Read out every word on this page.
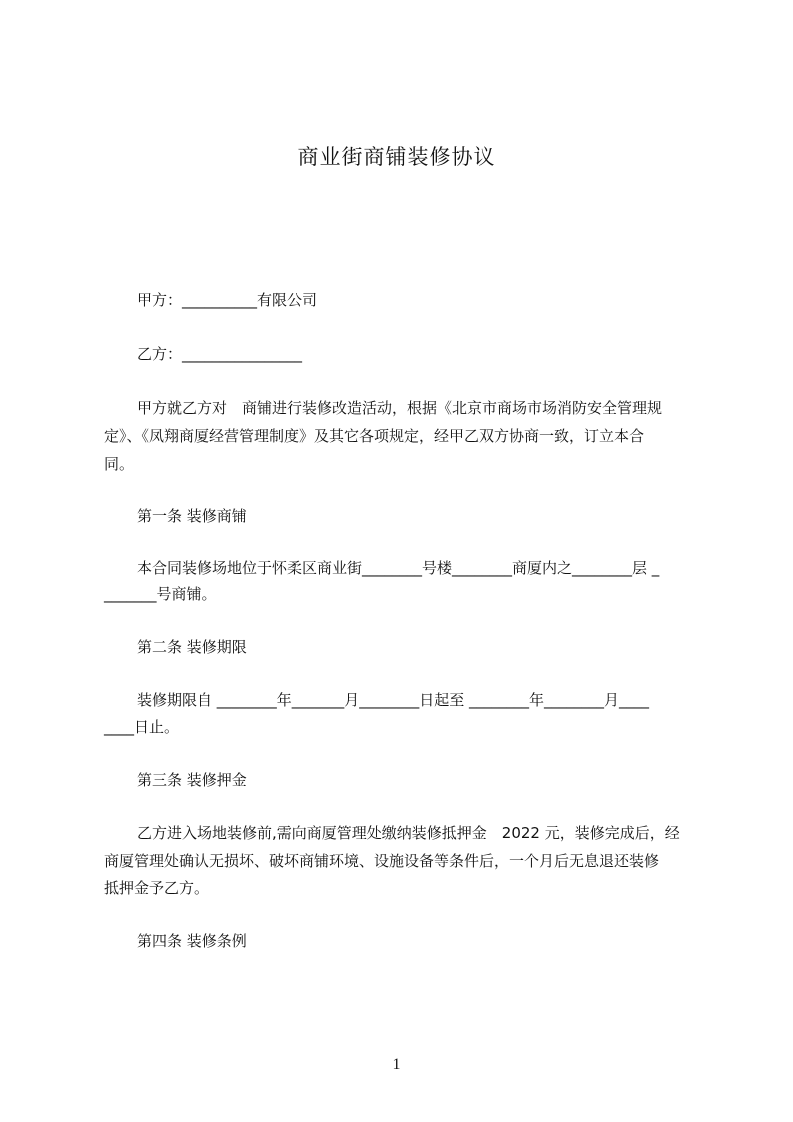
商业街商铺装修协议
甲方：__________有限公司
乙方：________________
甲方就乙方对　商铺进行装修改造活动，根据《北京市商场市场消防安全管理规
定》、《凤翔商厦经营管理制度》及其它各项规定，经甲乙双方协商一致，订立本合
同。
第一条 装修商铺
本合同装修场地位于怀柔区商业街________号楼________商厦内之________层 _
_______号商铺。
第二条 装修期限
装修期限自 ________年_______月________日起至 ________年________月____
____日止。
第三条 装修押金
乙方进入场地装修前,需向商厦管理处缴纳装修抵押金　2022 元，装修完成后，经
商厦管理处确认无损坏、破坏商铺环境、设施设备等条件后，一个月后无息退还装修
抵押金予乙方。
第四条 装修条例
1
